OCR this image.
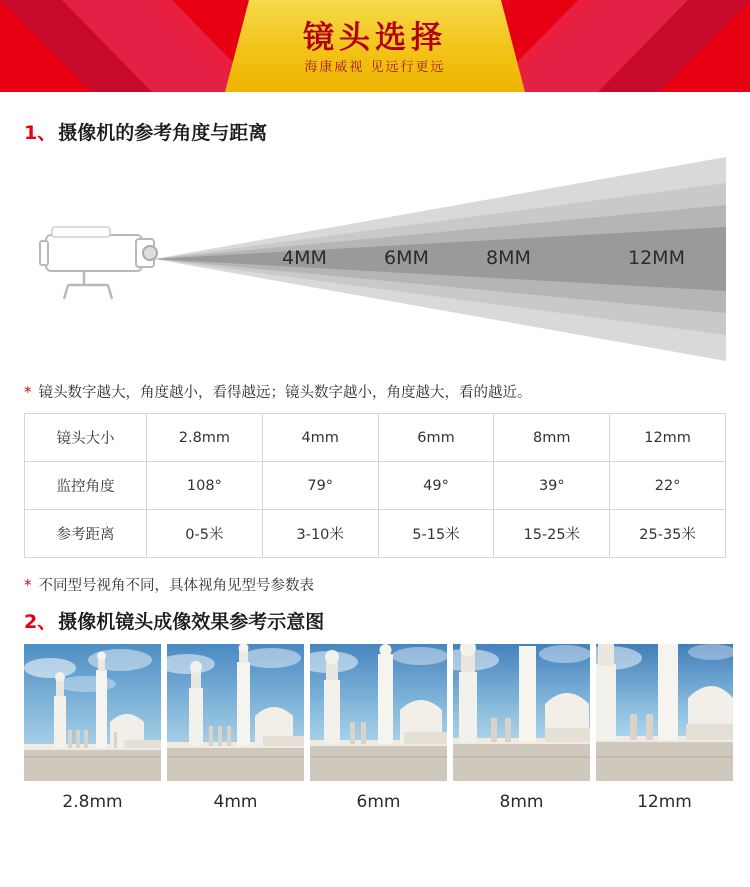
镜头选择
海康威视 见远行更远
1、 摄像机的参考角度与距离
4MM	6MM	8MM	12MM
* 镜头数字越大，角度越小，看得越远；镜头数字越小，角度越大，看的越近。
镜头大小	2.8mm	4mm	6mm	8mm	12mm
监控角度	108°	79°	49°	39°	22°
参考距离	0-5米	3-10米	5-15米	15-25米	25-35米
* 不同型号视角不同，具体视角见型号参数表
2、 摄像机镜头成像效果参考示意图
2.8mm	4mm	6mm	8mm	12mm
